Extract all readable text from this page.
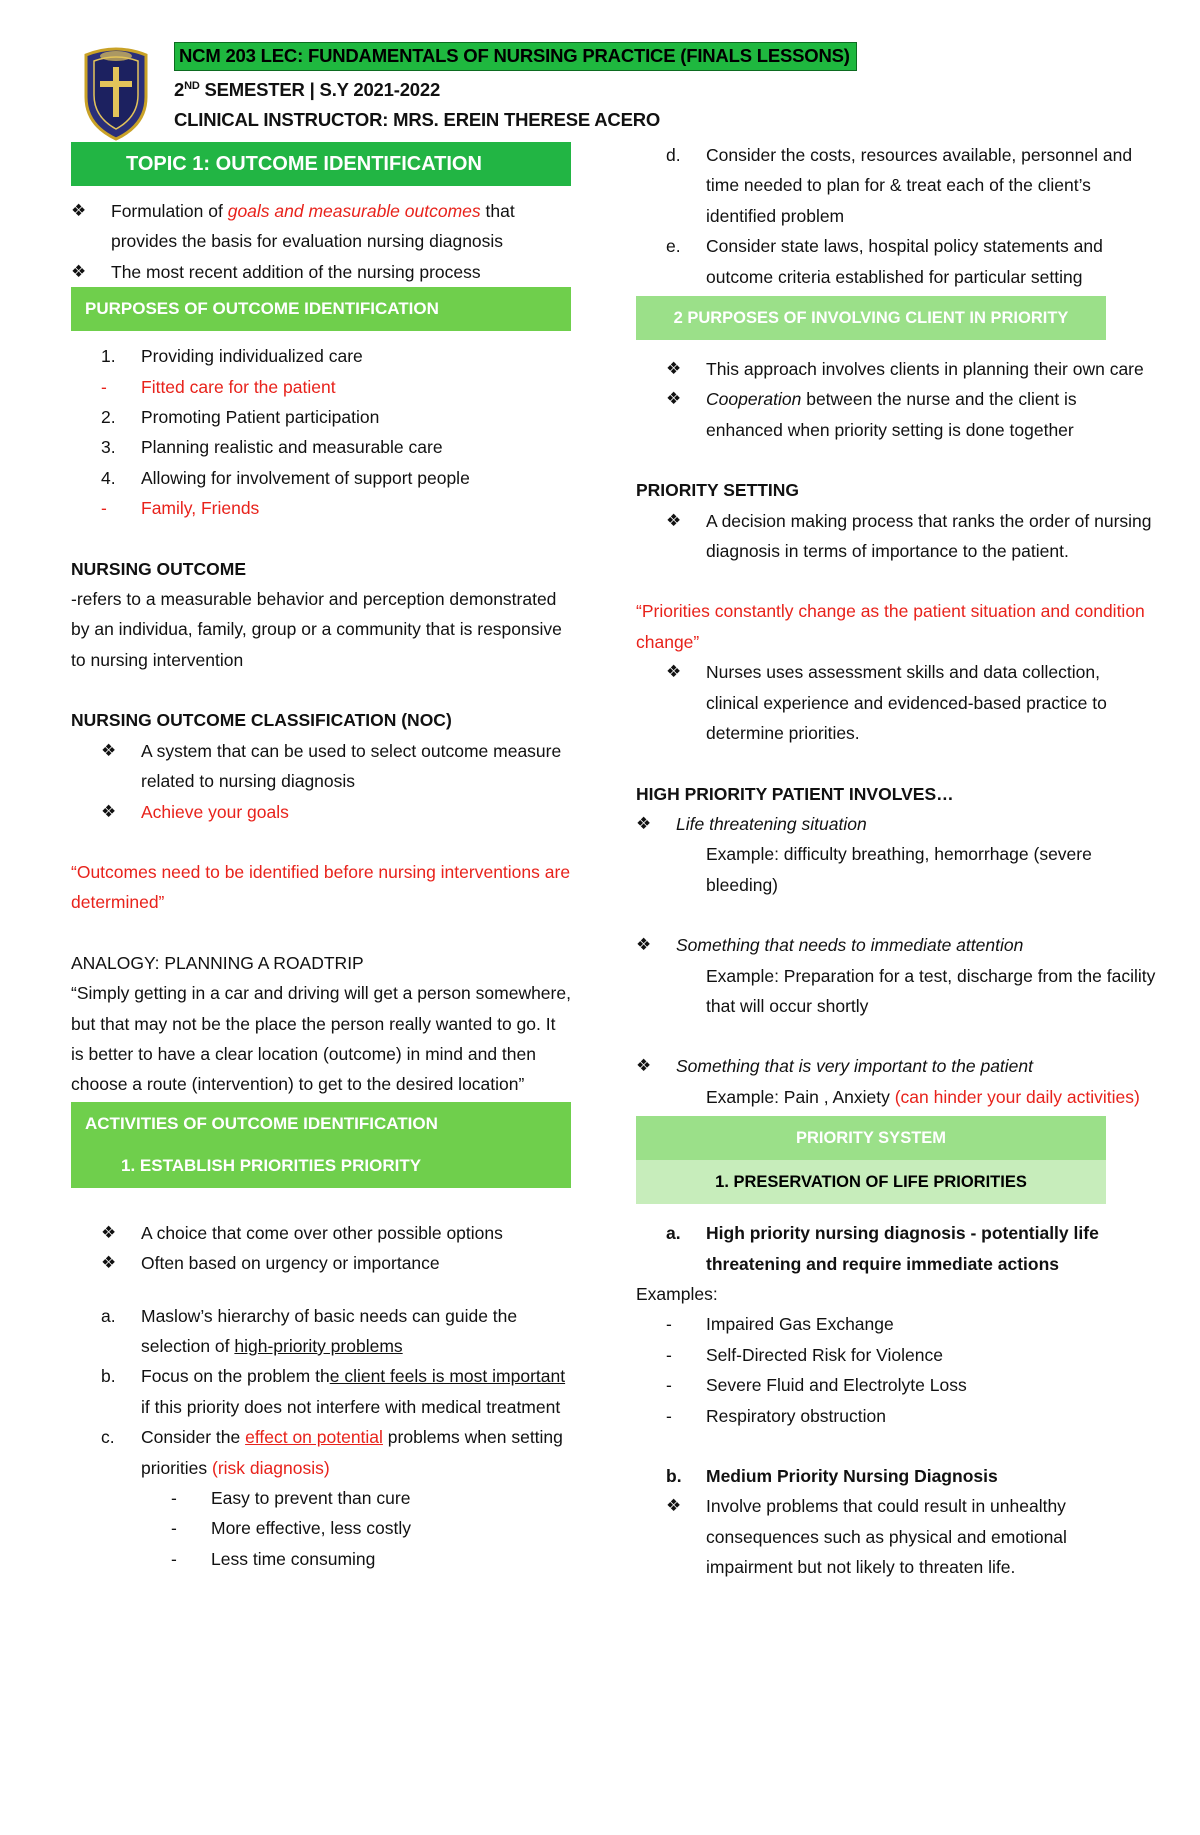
NCM 203 LEC: FUNDAMENTALS OF NURSING PRACTICE (FINALS LESSONS)
2ND SEMESTER | S.Y 2021-2022
CLINICAL INSTRUCTOR: MRS. EREIN THERESE ACERO
TOPIC 1: OUTCOME IDENTIFICATION
❖	Formulation of goals and measurable outcomes that provides the basis for evaluation nursing diagnosis
❖	The most recent addition of the nursing process
PURPOSES OF OUTCOME IDENTIFICATION
1.	Providing individualized care
-	Fitted care for the patient
2.	Promoting Patient participation
3.	Planning realistic and measurable care
4.	Allowing for involvement of support people
-	Family, Friends
NURSING OUTCOME
-refers to a measurable behavior and perception demonstrated by an individua, family, group or a community that is responsive to nursing intervention
NURSING OUTCOME CLASSIFICATION (NOC)
❖	A system that can be used to select outcome measure related to nursing diagnosis
❖	Achieve your goals
“Outcomes need to be identified before nursing interventions are determined”
ANALOGY: PLANNING A ROADTRIP
“Simply getting in a car and driving will get a person somewhere, but that may not be the place the person really wanted to go. It is better to have a clear location (outcome) in mind and then choose a route (intervention) to get to the desired location”
ACTIVITIES OF OUTCOME IDENTIFICATION
1. ESTABLISH PRIORITIES PRIORITY
❖	A choice that come over other possible options
❖	Often based on urgency or importance
a.	Maslow’s hierarchy of basic needs can guide the selection of high-priority problems
b.	Focus on the problem the client feels is most important if this priority does not interfere with medical treatment
c.	Consider the effect on potential problems when setting priorities (risk diagnosis)
-	Easy to prevent than cure
-	More effective, less costly
-	Less time consuming
d.	Consider the costs, resources available, personnel and time needed to plan for & treat each of the client’s identified problem
e.	Consider state laws, hospital policy statements and outcome criteria established for particular setting
2 PURPOSES OF INVOLVING CLIENT IN PRIORITY
❖	This approach involves clients in planning their own care
❖	Cooperation between the nurse and the client is enhanced when priority setting is done together
PRIORITY SETTING
❖	A decision making process that ranks the order of nursing diagnosis in terms of importance to the patient.
“Priorities constantly change as the patient situation and condition change”
❖	Nurses uses assessment skills and data collection, clinical experience and evidenced-based practice to determine priorities.
HIGH PRIORITY PATIENT INVOLVES…
❖	Life threatening situation
Example: difficulty breathing, hemorrhage (severe bleeding)
❖	Something that needs to immediate attention
Example: Preparation for a test, discharge from the facility that will occur shortly
❖	Something that is very important to the patient
Example: Pain , Anxiety (can hinder your daily activities)
PRIORITY SYSTEM
1. PRESERVATION OF LIFE PRIORITIES
a.	High priority nursing diagnosis - potentially life threatening and require immediate actions
Examples:
-	Impaired Gas Exchange
-	Self-Directed Risk for Violence
-	Severe Fluid and Electrolyte Loss
-	Respiratory obstruction
b.	Medium Priority Nursing Diagnosis
❖	Involve problems that could result in unhealthy consequences such as physical and emotional impairment but not likely to threaten life.
